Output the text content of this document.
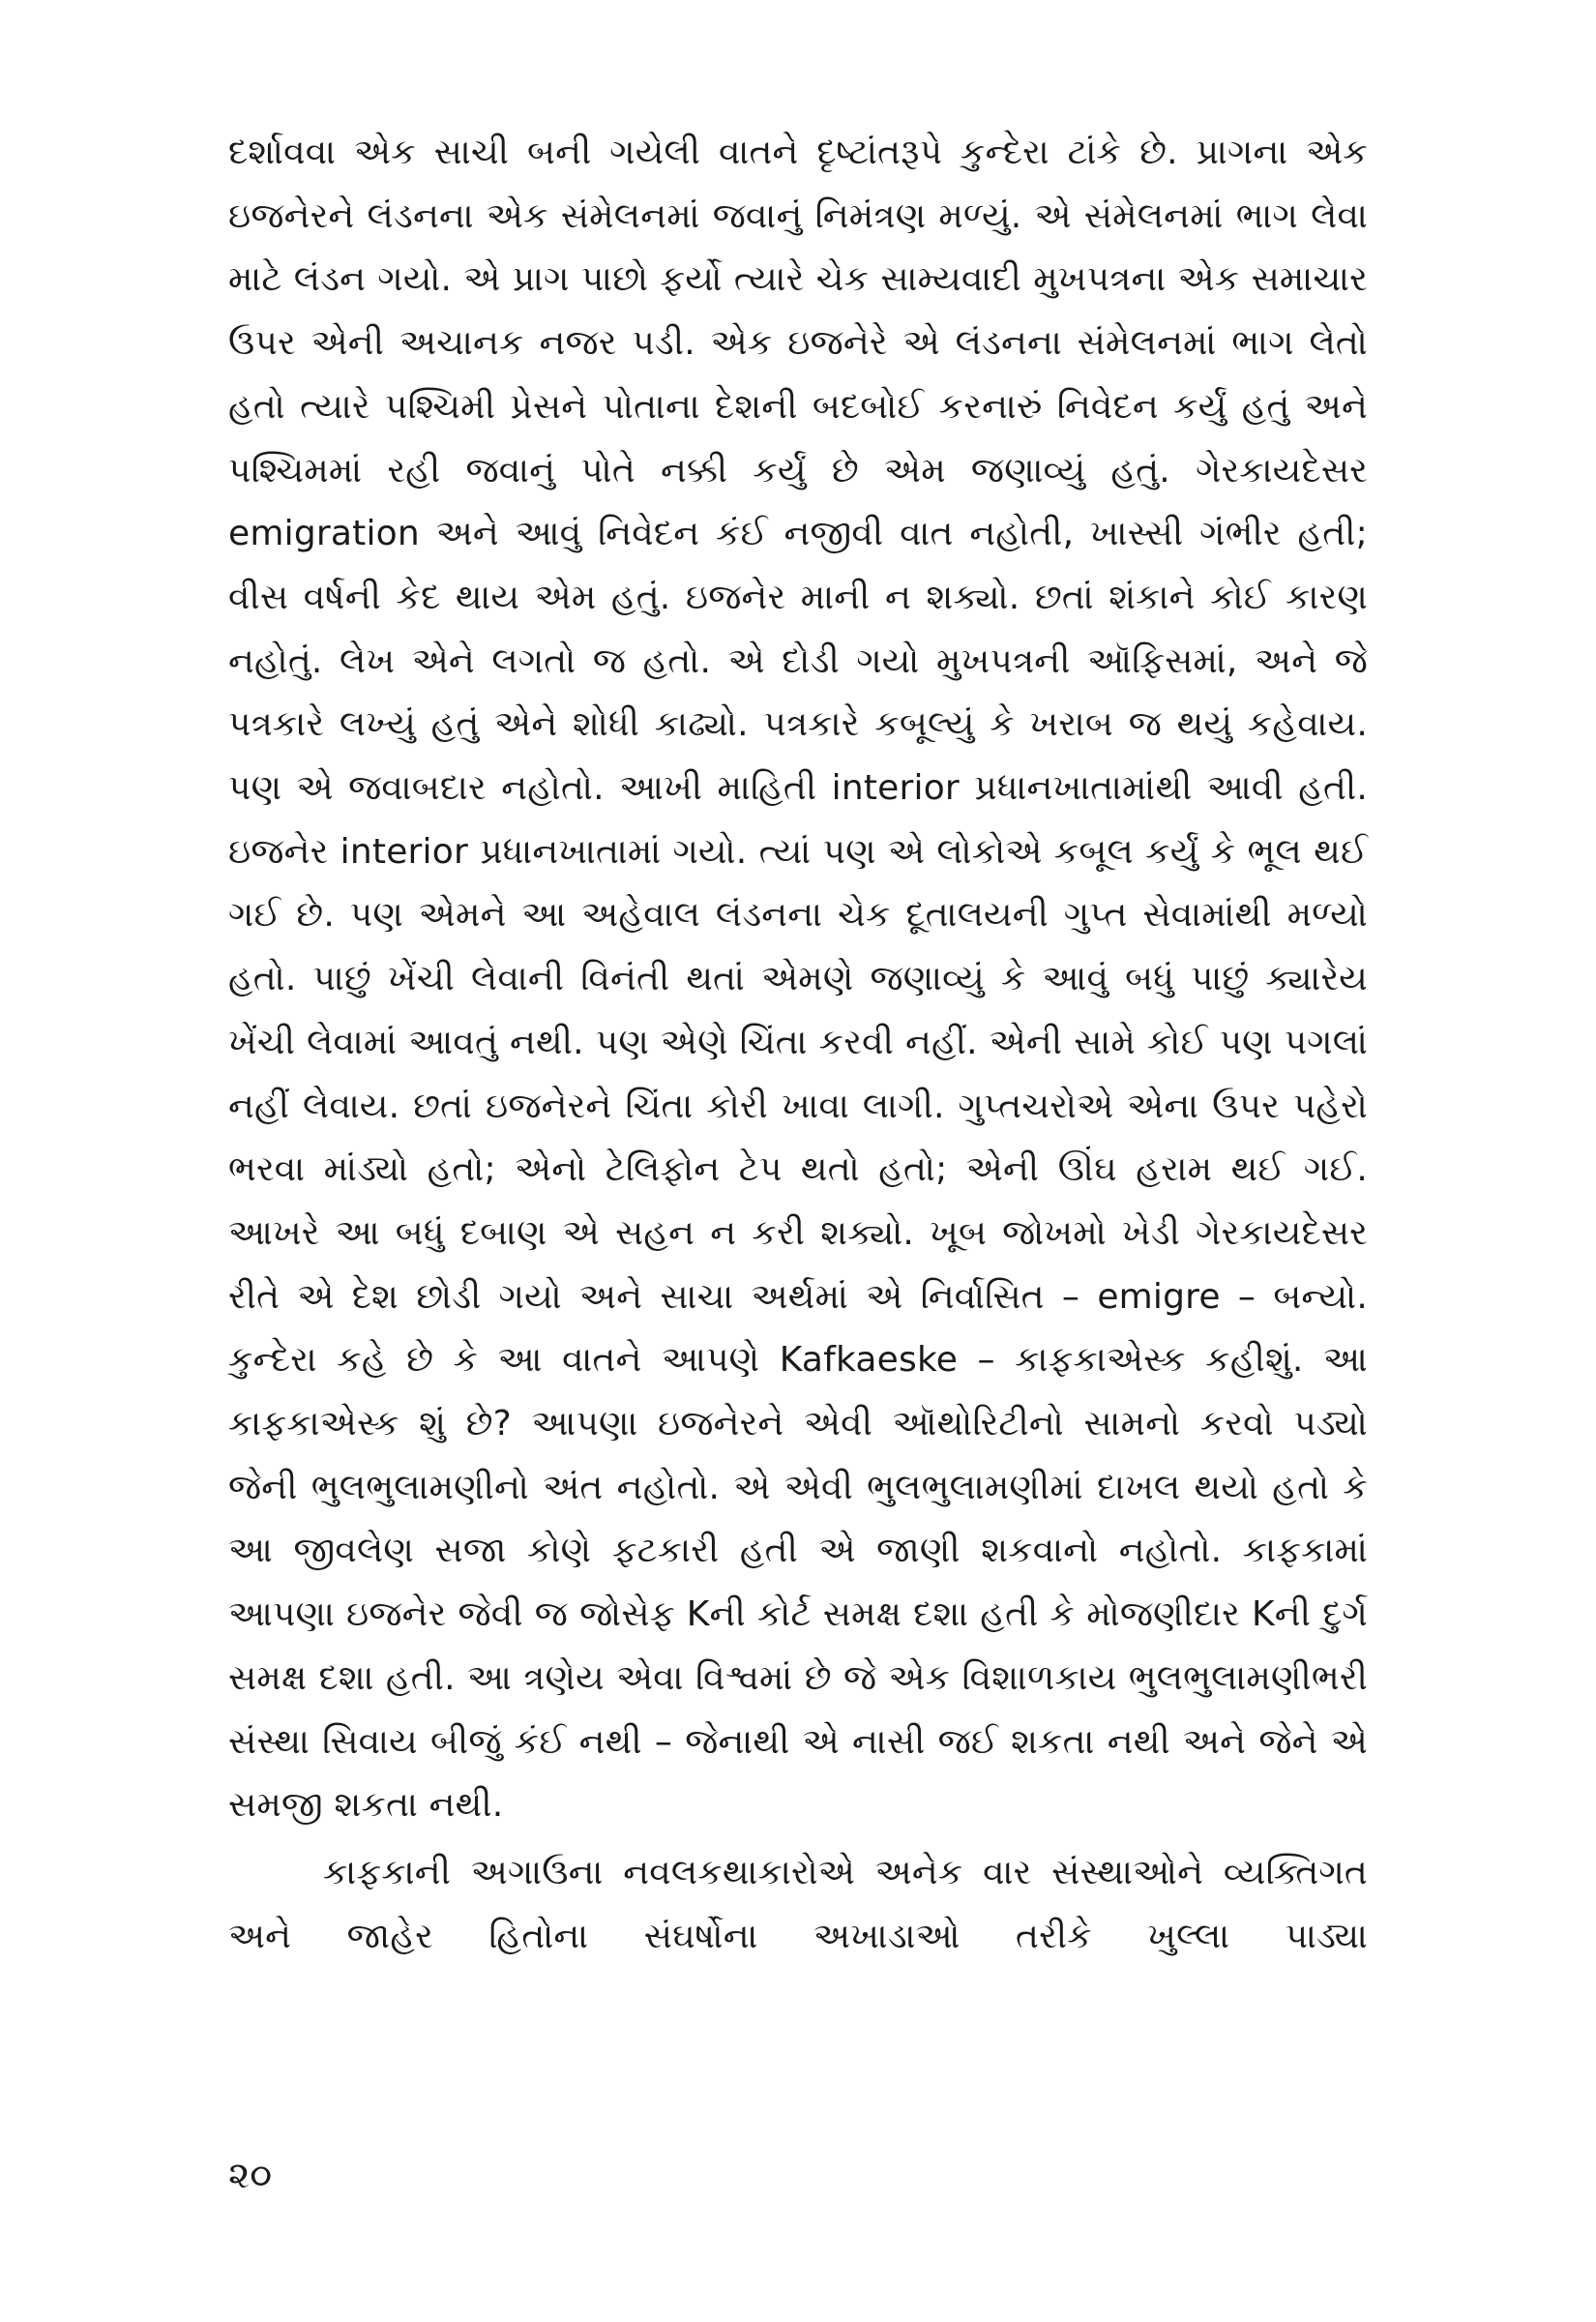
દર્શાવવા એક સાચી બની ગયેલી વાતને દૃષ્ટાંતરૂપે કુન્દેરા ટાંકે છે. પ્રાગના એક ઇજનેરને લંડનના એક સંમેલનમાં જવાનું નિમંત્રણ મળ્યું. એ સંમેલનમાં ભાગ લેવા માટે લંડન ગયો. એ પ્રાગ પાછો ફર્યો ત્યારે ચેક સામ્યવાદી મુખપત્રના એક સમાચાર ઉપર એની અચાનક નજર પડી. એક ઇજનેરે એ લંડનના સંમેલનમાં ભાગ લેતો હતો ત્યારે પશ્ચિમી પ્રેસને પોતાના દેશની બદબોઈ કરનારું નિવેદન કર્યું હતું અને પશ્ચિમમાં રહી જવાનું પોતે નક્કી કર્યું છે એમ જણાવ્યું હતું. ગેરકાયદેસર emigration અને આવું નિવેદન કંઈ નજીવી વાત નહોતી, ખાસ્સી ગંભીર હતી; વીસ વર્ષની કેદ થાય એમ હતું. ઇજનેર માની ન શક્યો. છતાં શંકાને કોઈ કારણ નહોતું. લેખ એને લગતો જ હતો. એ દોડી ગયો મુખપત્રની ઑફિસમાં, અને જે પત્રકારે લખ્યું હતું એને શોધી કાઢ્યો. પત્રકારે કબૂલ્યું કે ખરાબ જ થયું કહેવાય. પણ એ જવાબદાર નહોતો. આખી માહિતી interior પ્રધાનખાતામાંથી આવી હતી. ઇજનેર interior પ્રધાનખાતામાં ગયો. ત્યાં પણ એ લોકોએ કબૂલ કર્યું કે ભૂલ થઈ ગઈ છે. પણ એમને આ અહેવાલ લંડનના ચેક દૂતાલયની ગુપ્ત સેવામાંથી મળ્યો હતો. પાછું ખેંચી લેવાની વિનંતી થતાં એમણે જણાવ્યું કે આવું બધું પાછું ક્યારેય ખેંચી લેવામાં આવતું નથી. પણ એણે ચિંતા કરવી નહીં. એની સામે કોઈ પણ પગલાં નહીં લેવાય. છતાં ઇજનેરને ચિંતા કોરી ખાવા લાગી. ગુપ્તચરોએ એના ઉપર પહેરો ભરવા માંડ્યો હતો; એનો ટેલિફોન ટેપ થતો હતો; એની ઊંઘ હરામ થઈ ગઈ. આખરે આ બધું દબાણ એ સહન ન કરી શક્યો. ખૂબ જોખમો ખેડી ગેરકાયદેસર રીતે એ દેશ છોડી ગયો અને સાચા અર્થમાં એ નિર્વાસિત – emigre – બન્યો. કુન્દેરા કહે છે કે આ વાતને આપણે Kafkaeske – કાફકાએસ્ક કહીશું. આ કાફકાએસ્ક શું છે? આપણા ઇજનેરને એવી ઑથોરિટીનો સામનો કરવો પડ્યો જેની ભુલભુલામણીનો અંત નહોતો. એ એવી ભુલભુલામણીમાં દાખલ થયો હતો કે આ જીવલેણ સજા કોણે ફટકારી હતી એ જાણી શકવાનો નહોતો. કાફકામાં આપણા ઇજનેર જેવી જ જોસેફ Kની કોર્ટ સમક્ષ દશા હતી કે મોજણીદાર Kની દુર્ગ સમક્ષ દશા હતી. આ ત્રણેય એવા વિશ્વમાં છે જે એક વિશાળકાય ભુલભુલામણીભરી સંસ્થા સિવાય બીજું કંઈ નથી – જેનાથી એ નાસી જઈ શકતા નથી અને જેને એ સમજી શકતા નથી.

કાફકાની અગાઉના નવલકથાકારોએ અનેક વાર સંસ્થાઓને વ્યક્તિગત અને જાહેર હિતોના સંઘર્ષોના અખાડાઓ તરીકે ખુલ્લા પાડ્યા

૨૦
